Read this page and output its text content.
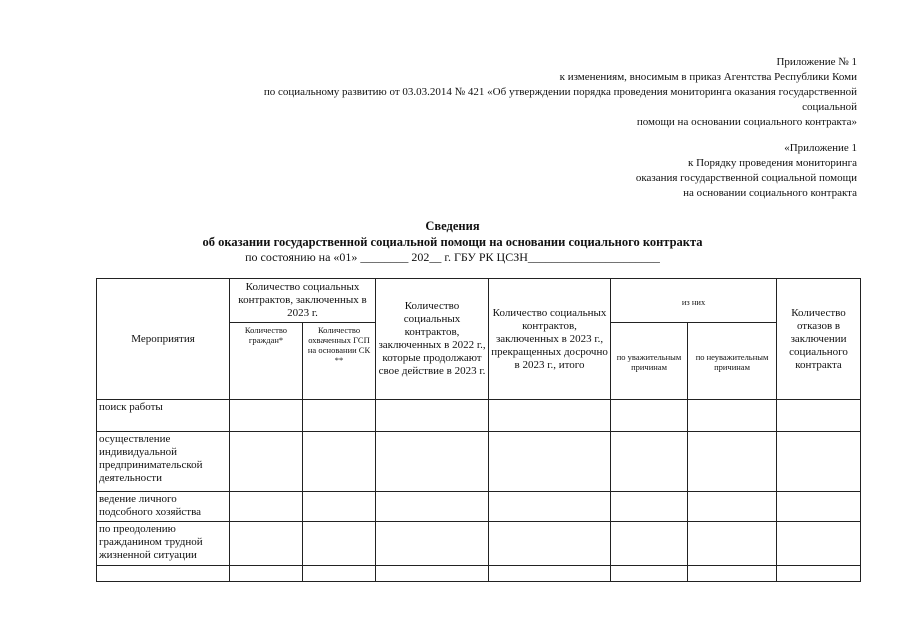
Приложение № 1
к изменениям, вносимым в приказ Агентства Республики Коми
по социальному развитию от 03.03.2014 № 421 «Об утверждении порядка проведения мониторинга оказания государственной
социальной
помощи на основании социального контракта»
«Приложение 1
к Порядку проведения мониторинга
оказания государственной социальной помощи
на основании социального контракта
Сведения
об оказании государственной социальной помощи на основании социального контракта
по состоянию на «01» ________ 202__ г. ГБУ РК ЦСЗН______________________
Мероприятия	Количество социальных контрактов, заключенных в 2023 г.		Количество социальных контрактов, заключенных в 2022 г., которые продолжают свое действие в 2023 г.	Количество социальных контрактов, заключенных в 2023 г., прекращенных досрочно в 2023 г., итого	из них		Количество отказов в заключении социального контракта
	Количество граждан*	Количество охваченных ГСП на основании СК **			по уважительным причинам	по неуважительным причинам	
поиск работы							
осуществление индивидуальной предпринимательской деятельности							
ведение личного подсобного хозяйства							
по преодолению гражданином трудной жизненной ситуации							
